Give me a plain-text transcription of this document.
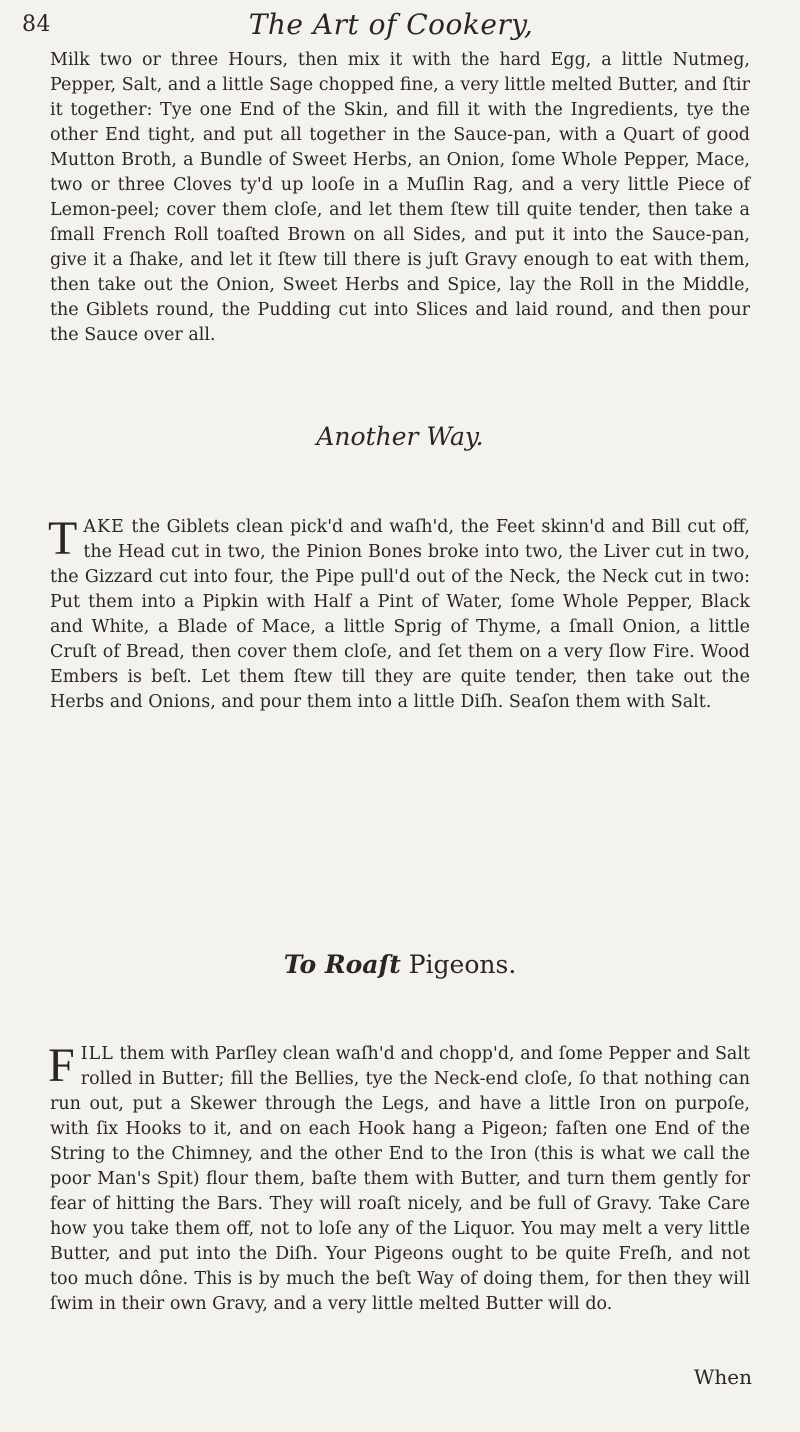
84	The Art of Cookery,

Milk two or three Hours, then mix it with the hard Egg, a little Nutmeg, Pepper, Salt, and a little Sage chopped fine, a very little melted Butter, and ſtir it together: Tye one End of the Skin, and fill it with the Ingredients, tye the other End tight, and put all together in the Sauce-pan, with a Quart of good Mutton Broth, a Bundle of Sweet Herbs, an Onion, ſome Whole Pepper, Mace, two or three Cloves ty'd up looſe in a Muſlin Rag, and a very little Piece of Lemon-peel; cover them cloſe, and let them ſtew till quite tender, then take a ſmall French Roll toaſted Brown on all Sides, and put it into the Sauce-pan, give it a ſhake, and let it ſtew till there is juſt Gravy enough to eat with them, then take out the Onion, Sweet Herbs and Spice, lay the Roll in the Middle, the Giblets round, the Pudding cut into Slices and laid round, and then pour the Sauce over all.

Another Way.

TAKE the Giblets clean pick'd and waſh'd, the Feet skinn'd and Bill cut off, the Head cut in two, the Pinion Bones broke into two, the Liver cut in two, the Gizzard cut into four, the Pipe pull'd out of the Neck, the Neck cut in two: Put them into a Pipkin with Half a Pint of Water, ſome Whole Pepper, Black and White, a Blade of Mace, a little Sprig of Thyme, a ſmall Onion, a little Cruſt of Bread, then cover them cloſe, and ſet them on a very ſlow Fire. Wood Embers is beſt. Let them ſtew till they are quite tender, then take out the Herbs and Onions, and pour them into a little Diſh. Seaſon them with Salt.

To Roaſt Pigeons.

FILL them with Parſley clean waſh'd and chopp'd, and ſome Pepper and Salt rolled in Butter; fill the Bellies, tye the Neck-end cloſe, ſo that nothing can run out, put a Skewer through the Legs, and have a little Iron on purpoſe, with ſix Hooks to it, and on each Hook hang a Pigeon; faſten one End of the String to the Chimney, and the other End to the Iron (this is what we call the poor Man's Spit) flour them, baſte them with Butter, and turn them gently for fear of hitting the Bars. They will roaſt nicely, and be full of Gravy. Take Care how you take them off, not to loſe any of the Liquor. You may melt a very little Butter, and put into the Diſh. Your Pigeons ought to be quite Freſh, and not too much dône. This is by much the beſt Way of doing them, for then they will ſwim in their own Gravy, and a very little melted Butter will do.

When
